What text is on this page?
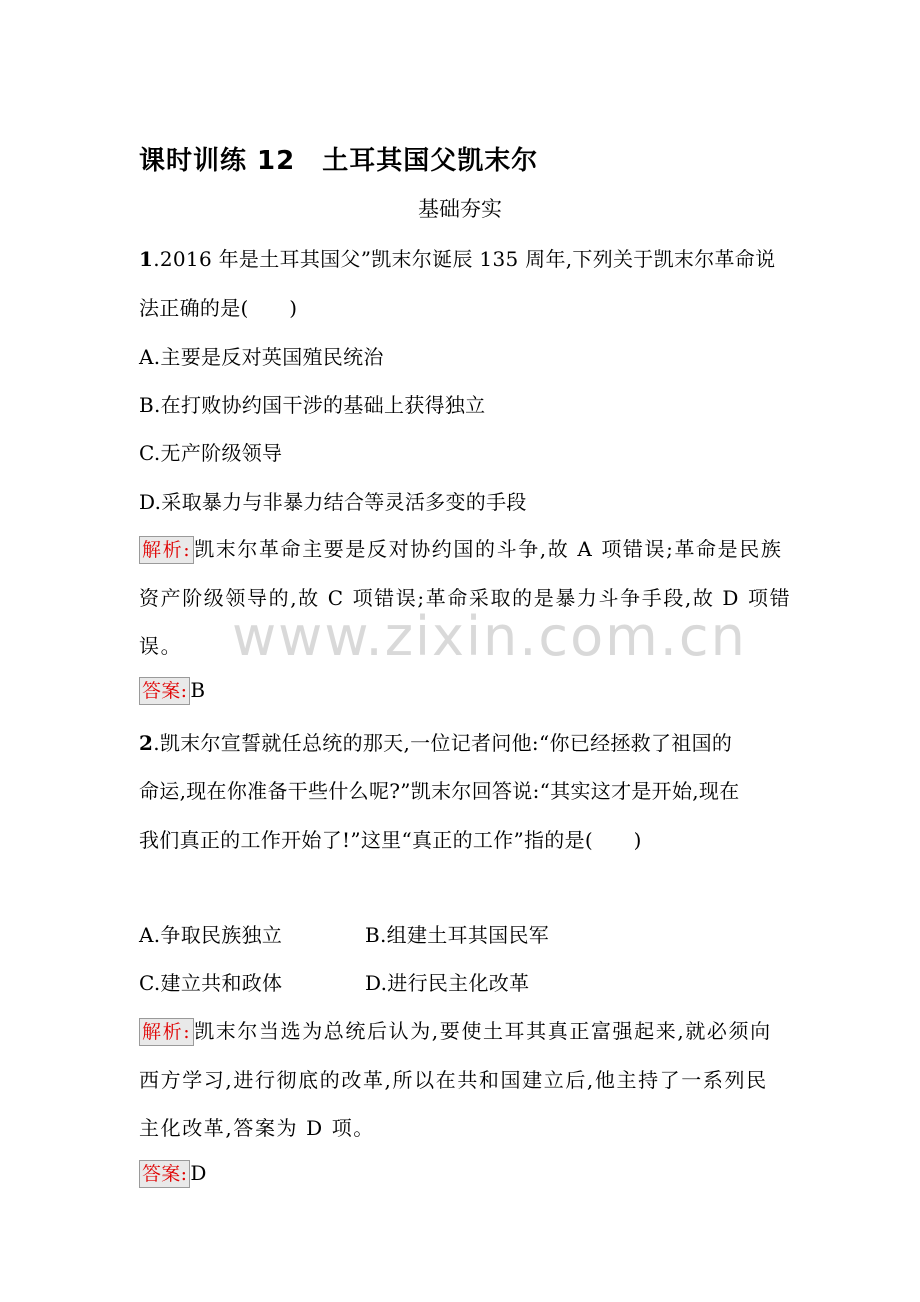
www.zixin.com.cn
课时训练 12　土耳其国父凯末尔
基础夯实
1.2016 年是土耳其国父”凯末尔诞辰 135 周年,下列关于凯末尔革命说
法正确的是(　　)
A.主要是反对英国殖民统治
B.在打败协约国干涉的基础上获得独立
C.无产阶级领导
D.采取暴力与非暴力结合等灵活多变的手段
解析: 凯末尔革命主要是反对协约国的斗争,故 A 项错误;革命是民族
资产阶级领导的,故 C 项错误;革命采取的是暴力斗争手段,故 D 项错
误。
答案: B
2.凯末尔宣誓就任总统的那天,一位记者问他:“你已经拯救了祖国的
命运,现在你准备干些什么呢?”凯末尔回答说:“其实这才是开始,现在
我们真正的工作开始了!”这里“真正的工作”指的是(　　)
A.争取民族独立	B.组建土耳其国民军
C.建立共和政体	D.进行民主化改革
解析: 凯末尔当选为总统后认为,要使土耳其真正富强起来,就必须向
西方学习,进行彻底的改革,所以在共和国建立后,他主持了一系列民
主化改革,答案为 D 项。
答案: D
